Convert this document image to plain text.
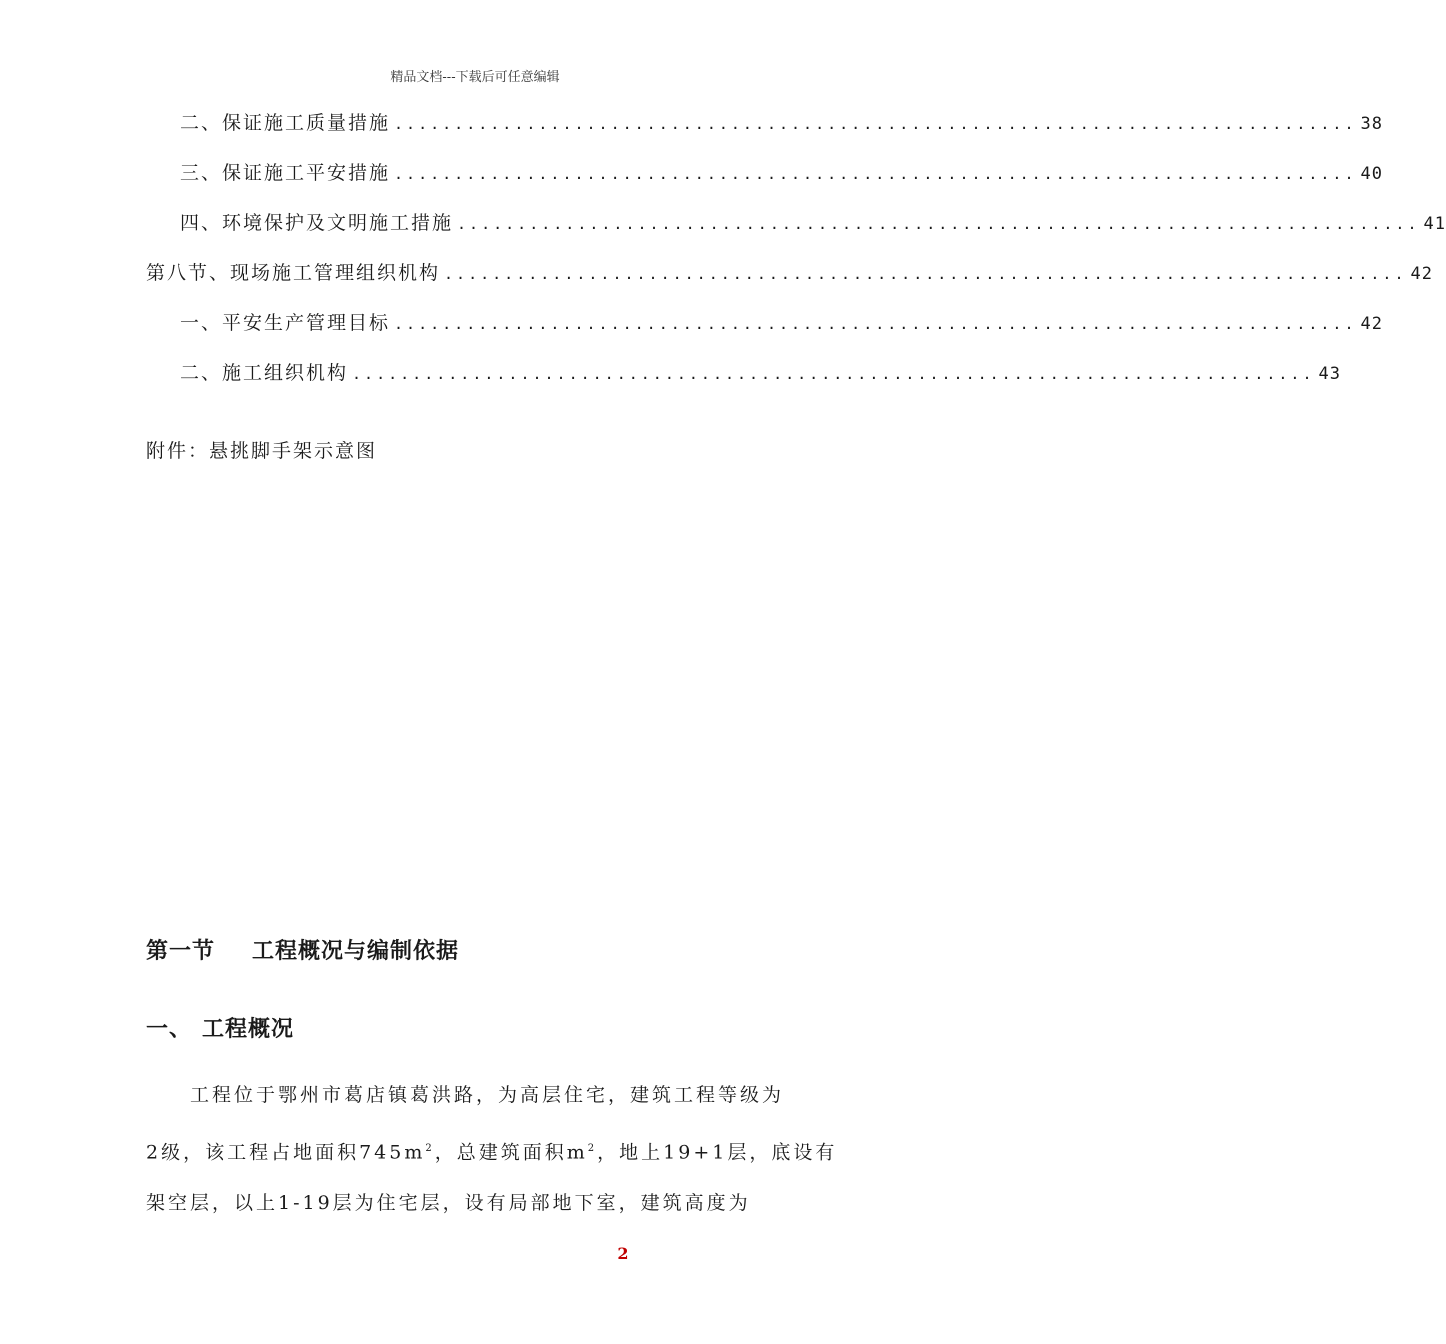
精品文档---下载后可任意编辑
二、保证施工质量措施 ................................................................................ 38
三、保证施工平安措施 ................................................................................ 40
四、环境保护及文明施工措施 ................................................................................ 41
第八节、现场施工管理组织机构 ................................................................................ 42
一、平安生产管理目标 ................................................................................ 42
二、施工组织机构 ................................................................................ 43
附件：悬挑脚手架示意图
第一节 工程概况与编制依据
一、 工程概况
工程位于鄂州市葛店镇葛洪路，为高层住宅，建筑工程等级为
2级，该工程占地面积$745m^2$，总建筑面积$m^2$，地上19+1层，底设有
架空层，以上1-19层为住宅层，设有局部地下室，建筑高度为
2
